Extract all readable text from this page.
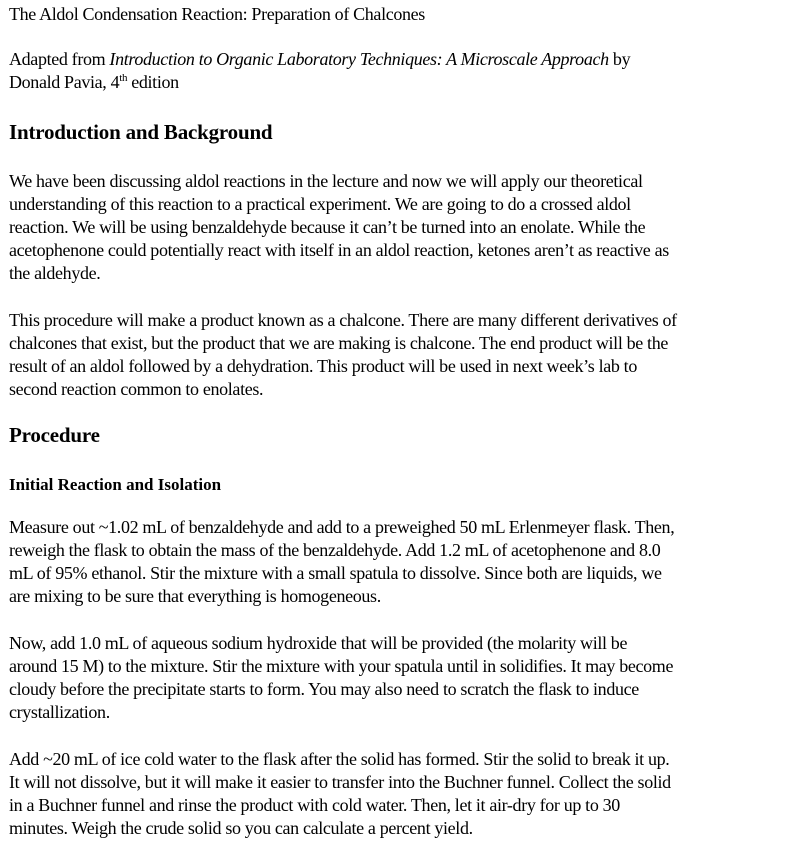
The Aldol Condensation Reaction: Preparation of Chalcones
Adapted from Introduction to Organic Laboratory Techniques: A Microscale Approach by
Donald Pavia, 4th edition
Introduction and Background
We have been discussing aldol reactions in the lecture and now we will apply our theoretical
understanding of this reaction to a practical experiment. We are going to do a crossed aldol
reaction. We will be using benzaldehyde because it can’t be turned into an enolate. While the
acetophenone could potentially react with itself in an aldol reaction, ketones aren’t as reactive as
the aldehyde.
This procedure will make a product known as a chalcone. There are many different derivatives of
chalcones that exist, but the product that we are making is chalcone. The end product will be the
result of an aldol followed by a dehydration. This product will be used in next week’s lab to
second reaction common to enolates.
Procedure
Initial Reaction and Isolation
Measure out ~1.02 mL of benzaldehyde and add to a preweighed 50 mL Erlenmeyer flask. Then,
reweigh the flask to obtain the mass of the benzaldehyde. Add 1.2 mL of acetophenone and 8.0
mL of 95% ethanol. Stir the mixture with a small spatula to dissolve. Since both are liquids, we
are mixing to be sure that everything is homogeneous.
Now, add 1.0 mL of aqueous sodium hydroxide that will be provided (the molarity will be
around 15 M) to the mixture. Stir the mixture with your spatula until in solidifies. It may become
cloudy before the precipitate starts to form. You may also need to scratch the flask to induce
crystallization.
Add ~20 mL of ice cold water to the flask after the solid has formed. Stir the solid to break it up.
It will not dissolve, but it will make it easier to transfer into the Buchner funnel. Collect the solid
in a Buchner funnel and rinse the product with cold water. Then, let it air-dry for up to 30
minutes. Weigh the crude solid so you can calculate a percent yield.
